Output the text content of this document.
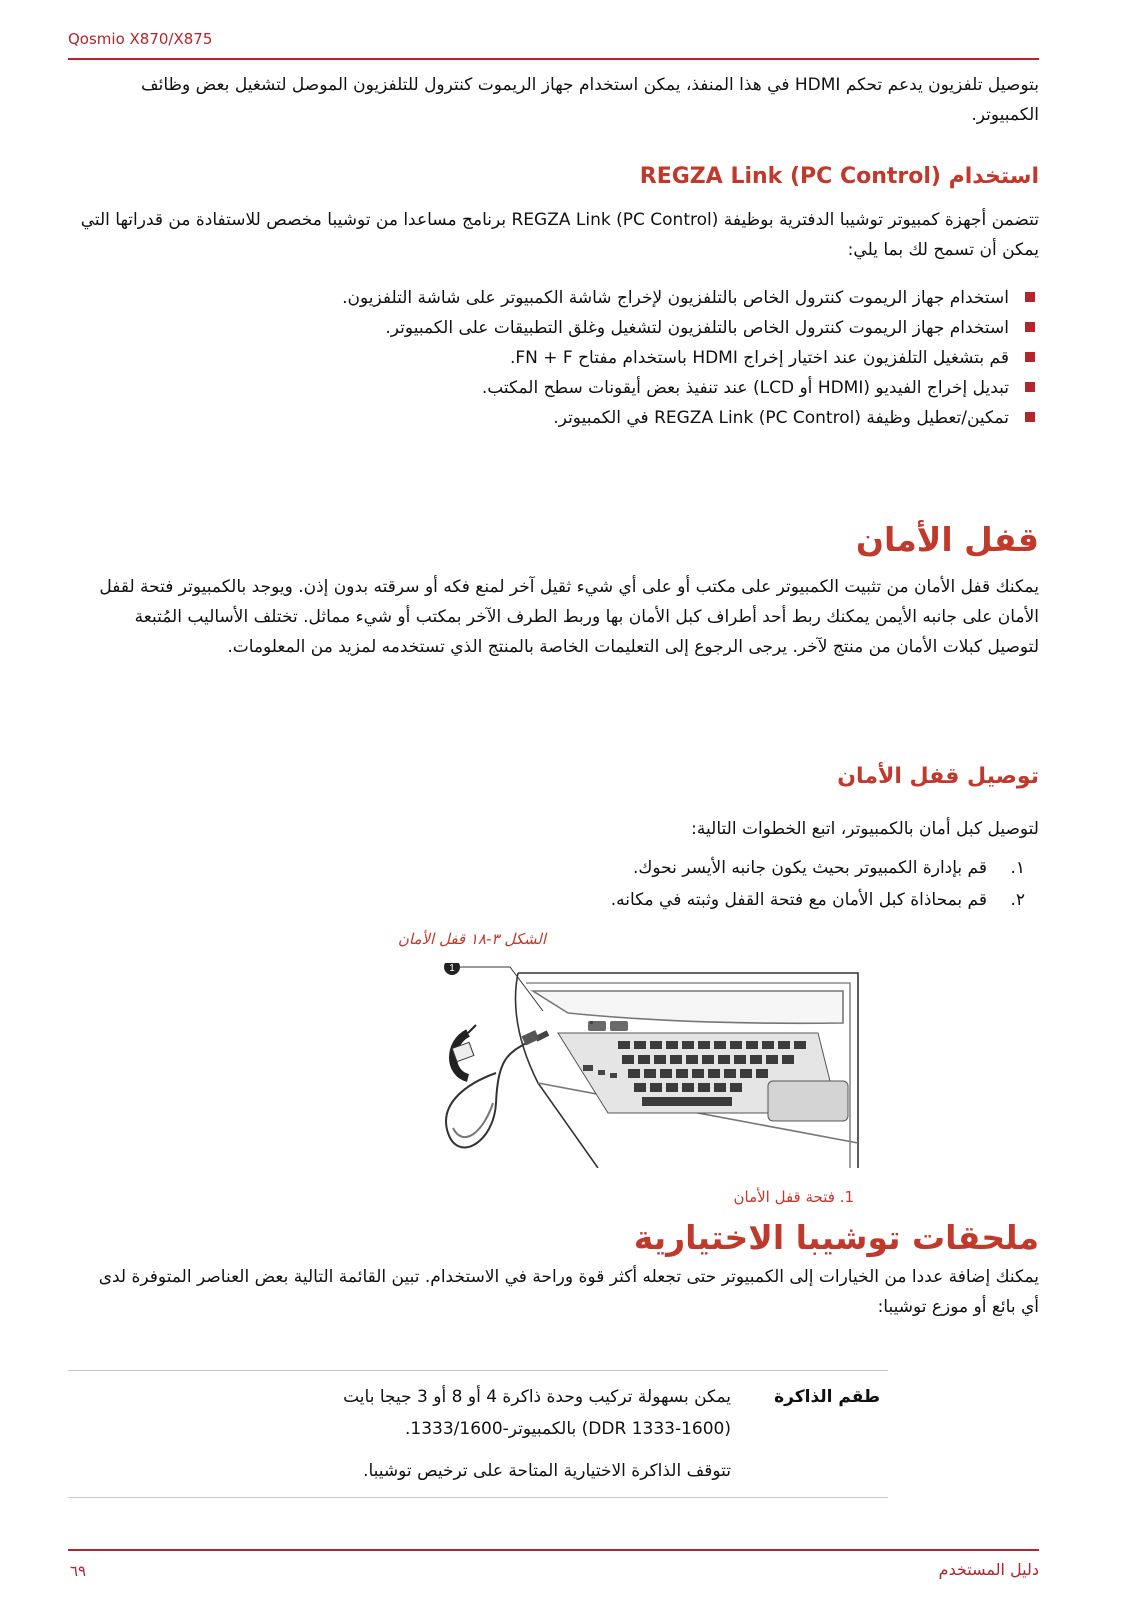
Qosmio X870/X875

بتوصيل تلفزيون يدعم تحكم HDMI في هذا المنفذ، يمكن استخدام جهاز الريموت كنترول للتلفزيون الموصل لتشغيل بعض وظائف الكمبيوتر.

استخدام REGZA Link (PC Control)

تتضمن أجهزة كمبيوتر توشيبا الدفترية بوظيفة REGZA Link (PC Control) برنامج مساعدا من توشيبا مخصص للاستفادة من قدراتها التي يمكن أن تسمح لك بما يلي:

استخدام جهاز الريموت كنترول الخاص بالتلفزيون لإخراج شاشة الكمبيوتر على شاشة التلفزيون.
استخدام جهاز الريموت كنترول الخاص بالتلفزيون لتشغيل وغلق التطبيقات على الكمبيوتر.
قم بتشغيل التلفزيون عند اختيار إخراج HDMI باستخدام مفتاح FN + F.
تبديل إخراج الفيديو (HDMI أو LCD) عند تنفيذ بعض أيقونات سطح المكتب.
تمكين/تعطيل وظيفة (PC Control) REGZA Link في الكمبيوتر.
قفل الأمان

يمكنك قفل الأمان من تثبيت الكمبيوتر على مكتب أو على أي شيء ثقيل آخر لمنع فكه أو سرقته بدون إذن. ويوجد بالكمبيوتر فتحة لقفل الأمان على جانبه الأيمن يمكنك ربط أحد أطراف كبل الأمان بها وربط الطرف الآخر بمكتب أو شيء مماثل. تختلف الأساليب المُتبعة لتوصيل كبلات الأمان من منتج لآخر. يرجى الرجوع إلى التعليمات الخاصة بالمنتج الذي تستخدمه لمزيد من المعلومات.

توصيل قفل الأمان

لتوصيل كبل أمان بالكمبيوتر، اتبع الخطوات التالية:

١.
قم بإدارة الكمبيوتر بحيث يكون جانبه الأيسر نحوك.
٢.
قم بمحاذاة كبل الأمان مع فتحة القفل وثبته في مكانه.
الشكل ٣-١٨ قفل الأمان
1
1. فتحة قفل الأمان
ملحقات توشيبا الاختيارية

يمكنك إضافة عددا من الخيارات إلى الكمبيوتر حتى تجعله أكثر قوة وراحة في الاستخدام. تبين القائمة التالية بعض العناصر المتوفرة لدى أي بائع أو موزع توشيبا:

طقم الذاكرة	
يمكن بسهولة تركيب وحدة ذاكرة 4 أو 8 أو 3 جيجا بايت
(DDR 1333-1600) بالكمبيوتر-1333/1600.
تتوقف الذاكرة الاختيارية المتاحة على ترخيص توشيبا.
٦٩	دليل المستخدم
